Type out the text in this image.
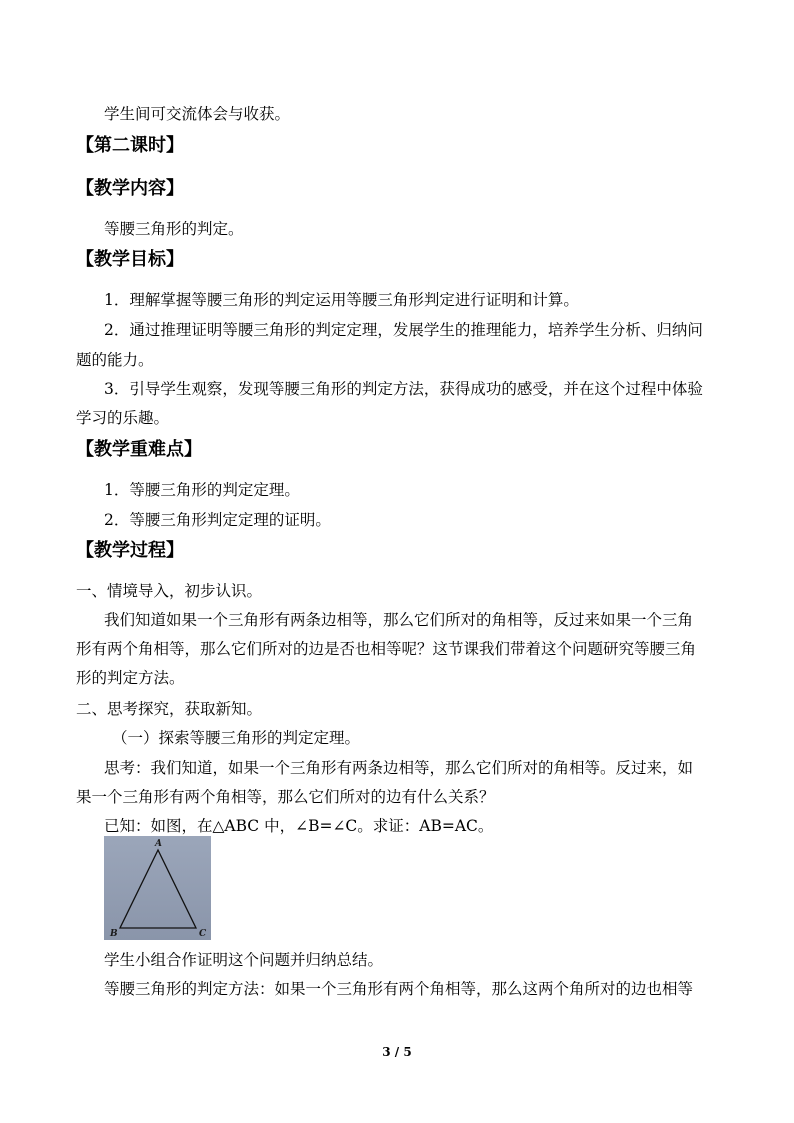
学生间可交流体会与收获。
【第二课时】
【教学内容】
等腰三角形的判定。
【教学目标】
1．理解掌握等腰三角形的判定运用等腰三角形判定进行证明和计算。
2．通过推理证明等腰三角形的判定定理，发展学生的推理能力，培养学生分析、归纳问
题的能力。
3．引导学生观察，发现等腰三角形的判定方法，获得成功的感受，并在这个过程中体验
学习的乐趣。
【教学重难点】
1．等腰三角形的判定定理。
2．等腰三角形判定定理的证明。
【教学过程】
一、情境导入，初步认识。
我们知道如果一个三角形有两条边相等，那么它们所对的角相等，反过来如果一个三角
形有两个角相等，那么它们所对的边是否也相等呢？这节课我们带着这个问题研究等腰三角
形的判定方法。
二、思考探究，获取新知。
（一）探索等腰三角形的判定定理。
思考：我们知道，如果一个三角形有两条边相等，那么它们所对的角相等。反过来，如
果一个三角形有两个角相等，那么它们所对的边有什么关系？
已知：如图，在△ABC 中，∠B=∠C。求证：AB=AC。
A
B	C
学生小组合作证明这个问题并归纳总结。
等腰三角形的判定方法：如果一个三角形有两个角相等，那么这两个角所对的边也相等
3 / 5
